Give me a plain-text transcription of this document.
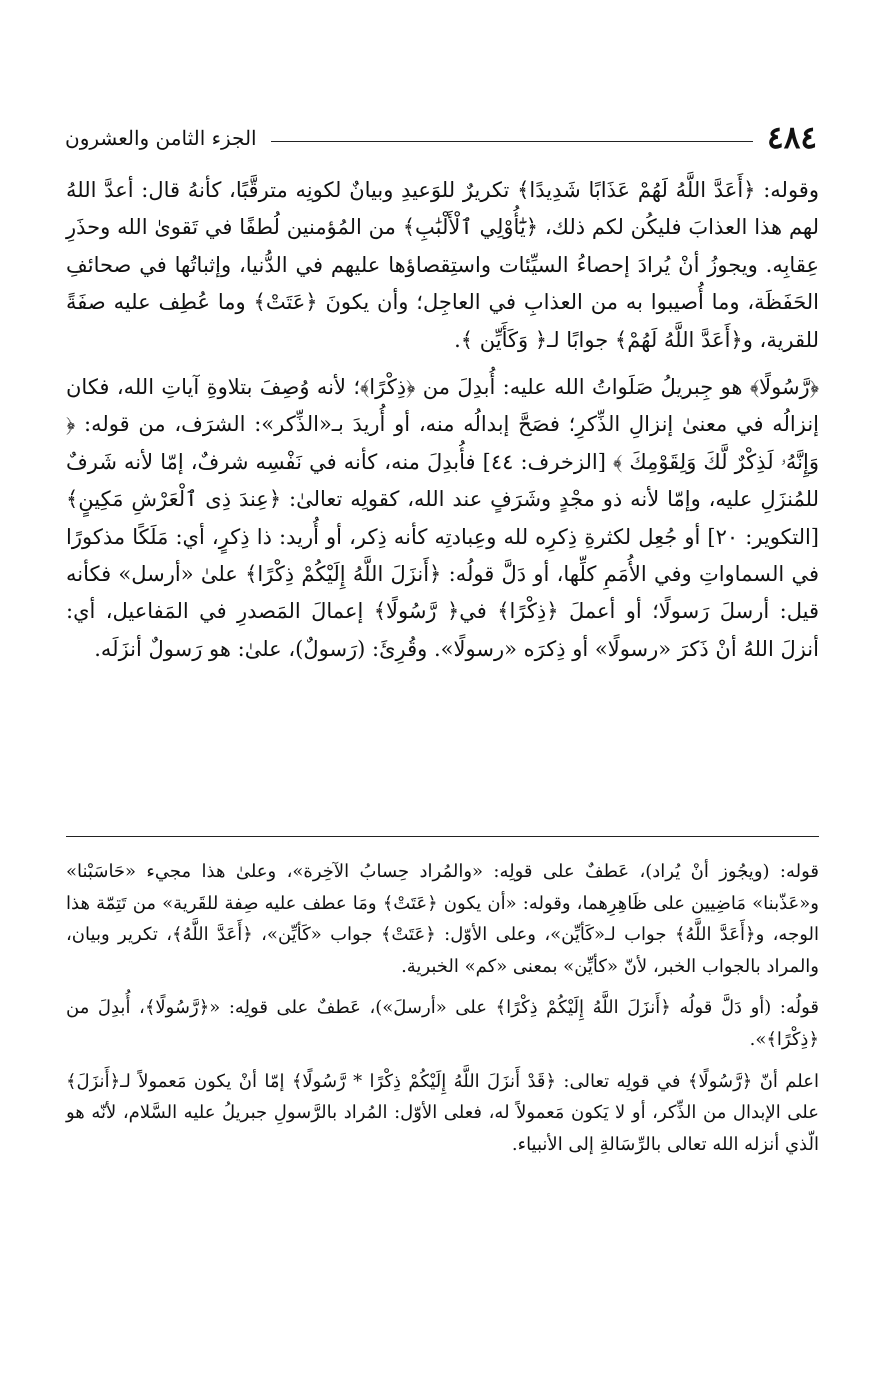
٤٨٤
الجزء الثامن والعشرون

وقوله: ﴿أَعَدَّ اللَّهُ لَهُمْ عَذَابًا شَدِيدًا﴾ تكريرٌ للوَعيدِ وبيانٌ لكونِه مترقَّبًا، كأنهُ قال: أعدَّ اللهُ لهم هذا العذابَ فليكُن لكم ذلك، ﴿يَٰٓأُوْلِي ٱلْأَلْبَٰبِ﴾ من المُؤمنين لُطفًا في تَقوىٰ الله وحذَرِ عِقابِه. ويجوزُ أنْ يُرادَ إحصاءُ السيِّئات واستِقصاؤها عليهم في الدُّنيا، وإثباتُها في صحائفِ الحَفَظَة، وما أُصيبوا به من العذابِ في العاجِل؛ وأن يكونَ ﴿عَتَتْ﴾ وما عُطِف عليه صفَةً للقرية، و﴿أَعَدَّ اللَّهُ لَهُمْ﴾ جوابًا لـ﴿ وَكَأَيِّن ﴾.

﴿رَّسُولًا﴾ هو جِبريلُ صَلَواتُ الله عليه: أُبدِلَ من ﴿ذِكْرًا﴾؛ لأنه وُصِفَ بتلاوةِ آياتِ الله، فكان إنزالُه في معنىٰ إنزالِ الذِّكرِ؛ فصَحَّ إبدالُه منه، أو أُريدَ بـ«الذِّكر»: الشرَف، من قوله: ﴿ وَإِنَّهُۥ لَذِكْرٌ لَّكَ وَلِقَوْمِكَ ﴾ [الزخرف: ٤٤] فأُبدِلَ منه، كأنه في نَفْسِه شرفٌ، إمّا لأنه شَرفٌ للمُنزَلِ عليه، وإمّا لأنه ذو مجْدٍ وشَرَفٍ عند الله، كقولِه تعالىٰ: ﴿عِندَ ذِى ٱلْعَرْشِ مَكِينٍ﴾ [التكوير: ٢٠] أو جُعِل لكثرةِ ذِكرِه لله وعِبادتِه كأنه ذِكر، أو أُريد: ذا ذِكرٍ، أي: مَلَكًا مذكورًا في السماواتِ وفي الأُمَمِ كلِّها، أو دَلَّ قولُه: ﴿أَنزَلَ اللَّهُ إِلَيْكُمْ ذِكْرًا﴾ علىٰ «أرسل» فكأنه قيل: أرسلَ رَسولًا؛ أو أعملَ ﴿ذِكْرًا﴾ في﴿ رَّسُولًا﴾ إعمالَ المَصدرِ في المَفاعيل، أي: أنزلَ اللهُ أنْ ذَكرَ «رسولًا» أو ذِكرَه «رسولًا». وقُرِئَ: (رَسولٌ)، علىٰ: هو رَسولٌ أنزَلَه.

قوله: (ويجُوز أنْ يُراد)، عَطفٌ على قولِه: «والمُراد حِسابُ الآخِرة»، وعلىٰ هذا مجيء «حَاسَبْنا» و«عَذّبنا» مَاضِيين على ظَاهِرِهما، وقوله: «أن يكون ﴿عَتَتْ﴾ ومَا عطف عليه صِفة للقَرية» من تَتِمّة هذا الوجه، و﴿أَعَدَّ اللَّهُ﴾ جواب لـ«كَأيِّن»، وعلى الأوّل: ﴿عَتَتْ﴾ جواب «كَأيِّن»، ﴿أَعَدَّ اللَّهُ﴾، تكرير وبيان، والمراد بالجواب الخبر، لأنّ «كأيِّن» بمعنى «كم» الخبرية.

قولُه: (أو دَلَّ قولُه ﴿أَنزَلَ اللَّهُ إِلَيْكُمْ ذِكْرًا﴾ على «أرسلَ»)، عَطفٌ على قولِه: «﴿رَّسُولًا﴾، أُبدِلَ من ﴿ذِكْرًا﴾».

اعلم أنّ ﴿رَّسُولًا﴾ في قولِه تعالى: ﴿قَدْ أَنزَلَ اللَّهُ إِلَيْكُمْ ذِكْرًا * رَّسُولًا﴾ إمّا أنْ يكون مَعمولاً لـ﴿أَنزَلَ﴾ على الإبدال من الذِّكر، أو لا يَكون مَعمولاً له، فعلى الأوّل: المُراد بالرَّسولِ جبريلُ عليه السَّلام، لأنّه هو الّذي أنزله الله تعالى بالرِّسَالةِ إلى الأنبياء.
